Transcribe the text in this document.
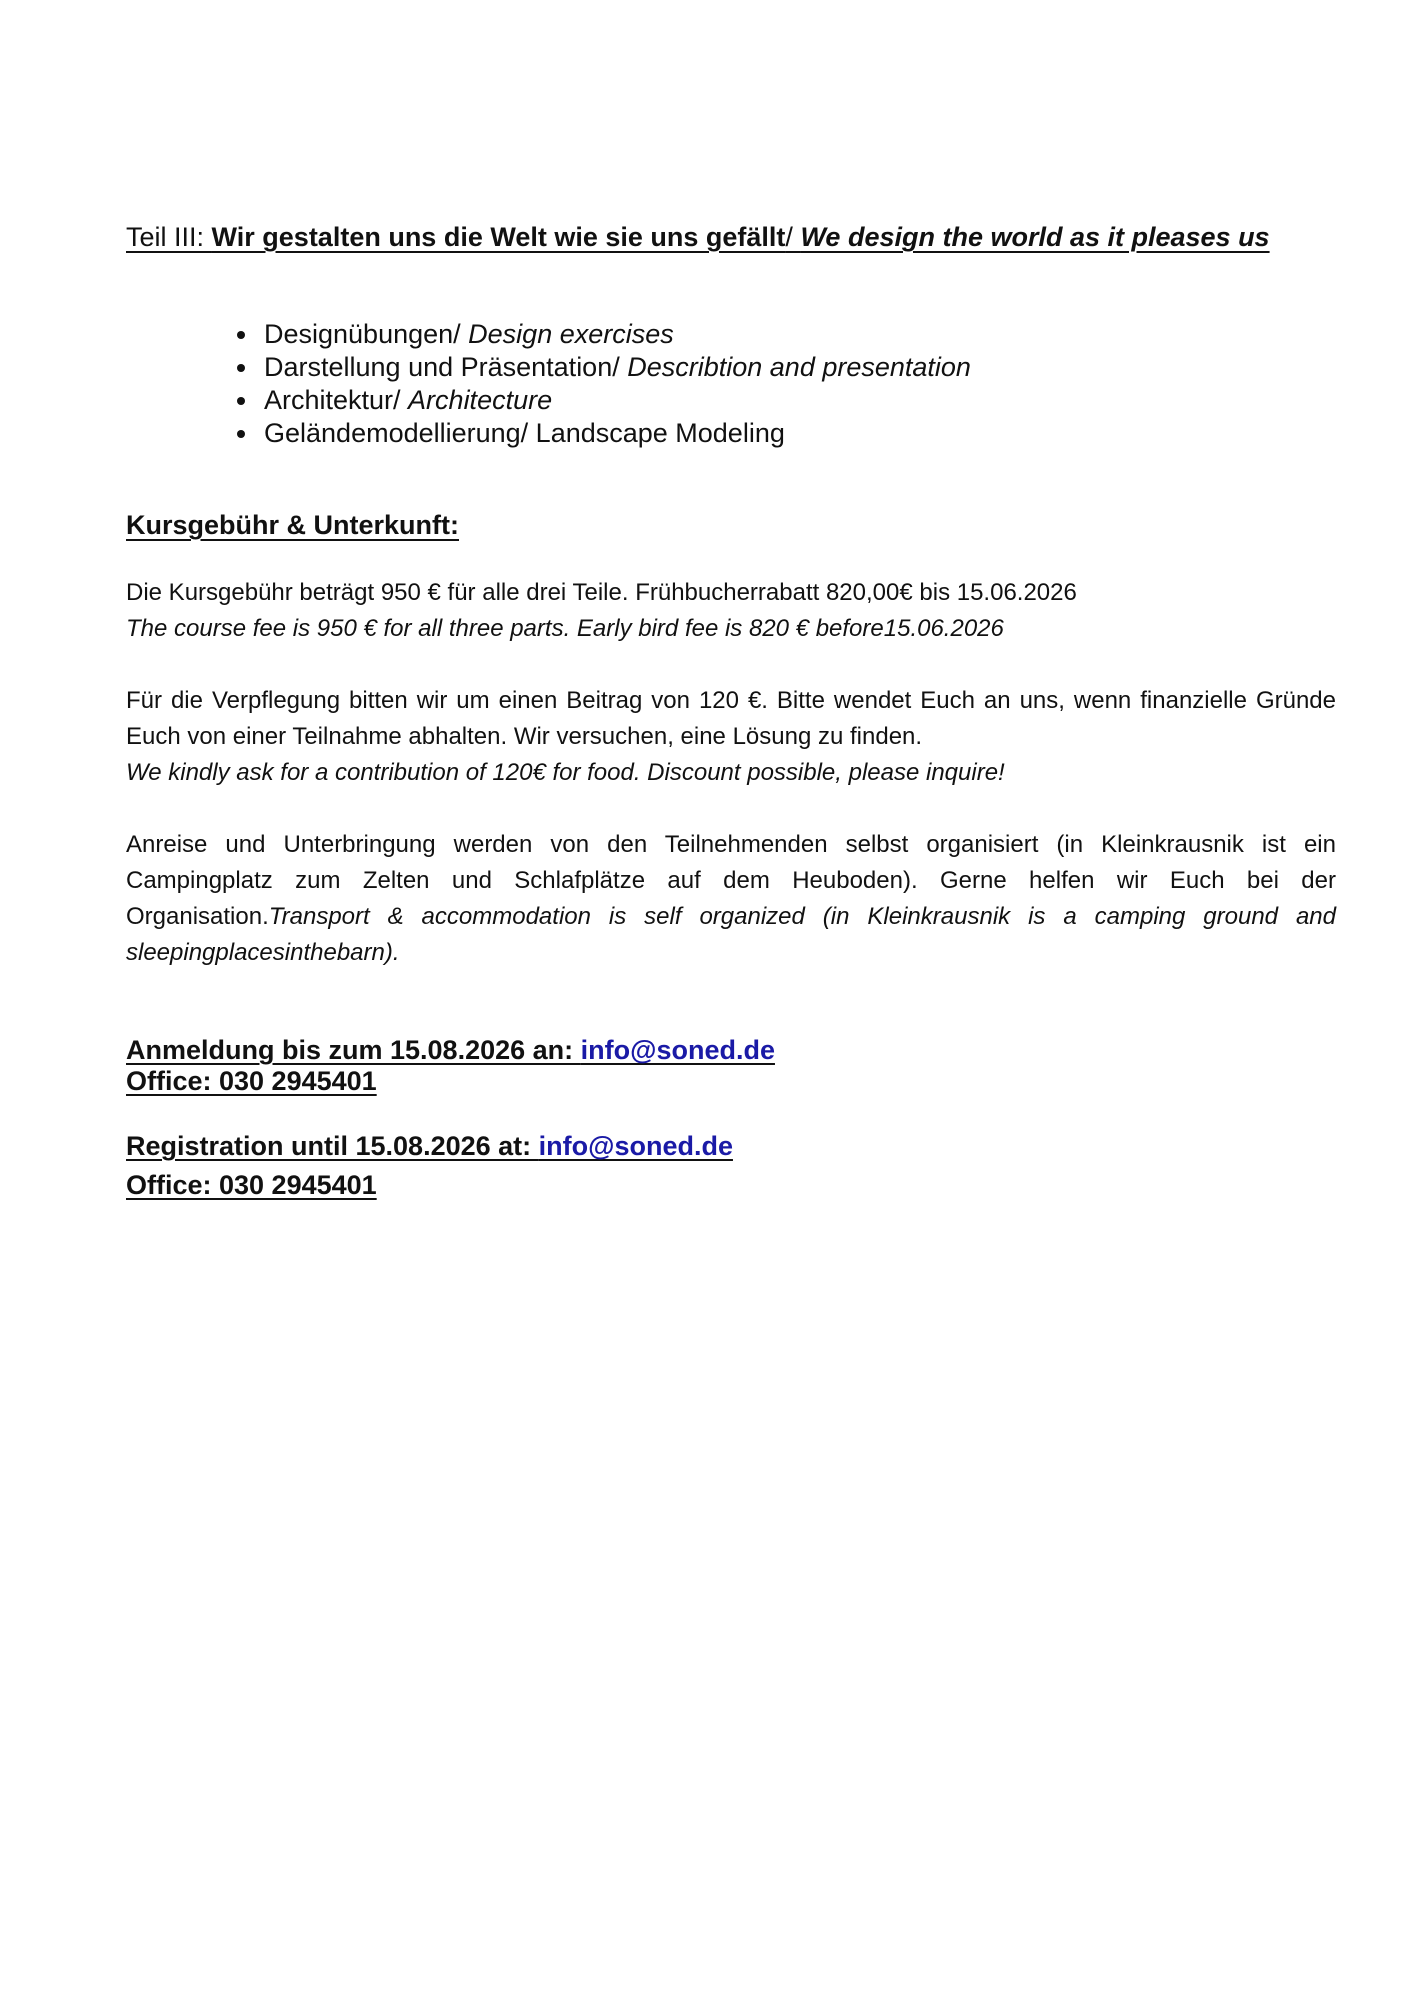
Teil III: Wir gestalten uns die Welt wie sie uns gefällt/ We design the world as it pleases us
• Designübungen/ Design exercises
• Darstellung und Präsentation/ Describtion and presentation
• Architektur/ Architecture
• Geländemodellierung/ Landscape Modeling
Kursgebühr & Unterkunft:

Die Kursgebühr beträgt 950 € für alle drei Teile. Frühbucherrabatt 820,00€ bis 15.06.2026

The course fee is 950 € for all three parts. Early bird fee is 820 € before15.06.2026

Für die Verpflegung bitten wir um einen Beitrag von 120 €. Bitte wendet Euch an uns, wenn finanzielle Gründe Euch von einer Teilnahme abhalten. Wir versuchen, eine Lösung zu finden.

We kindly ask for a contribution of 120€ for food. Discount possible, please inquire!

Anreise und Unterbringung werden von den Teilnehmenden selbst organisiert (in Kleinkrausnik ist ein Campingplatz zum Zelten und Schlafplätze auf dem Heuboden). Gerne helfen wir Euch bei der Organisation.Transport & accommodation is self organized (in Kleinkrausnik is a camping ground and sleepingplacesinthebarn).

Anmeldung bis zum 15.08.2026 an: info@soned.de
Office: 030 2945401
Registration until 15.08.2026 at: info@soned.de
Office: 030 2945401
